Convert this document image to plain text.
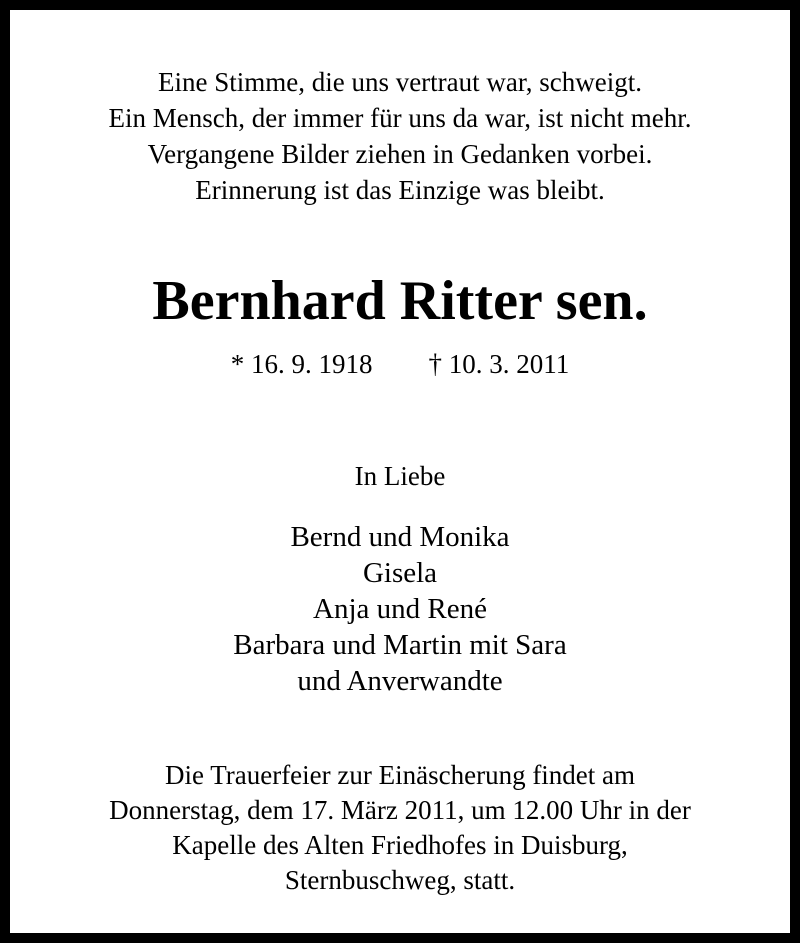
Eine Stimme, die uns vertraut war, schweigt.
Ein Mensch, der immer für uns da war, ist nicht mehr.
Vergangene Bilder ziehen in Gedanken vorbei.
Erinnerung ist das Einzige was bleibt.
Bernhard Ritter sen.
* 16. 9. 1918 † 10. 3. 2011
In Liebe
Bernd und Monika
Gisela
Anja und René
Barbara und Martin mit Sara
und Anverwandte
Die Trauerfeier zur Einäscherung findet am
Donnerstag, dem 17. März 2011, um 12.00 Uhr in der
Kapelle des Alten Friedhofes in Duisburg,
Sternbuschweg, statt.
